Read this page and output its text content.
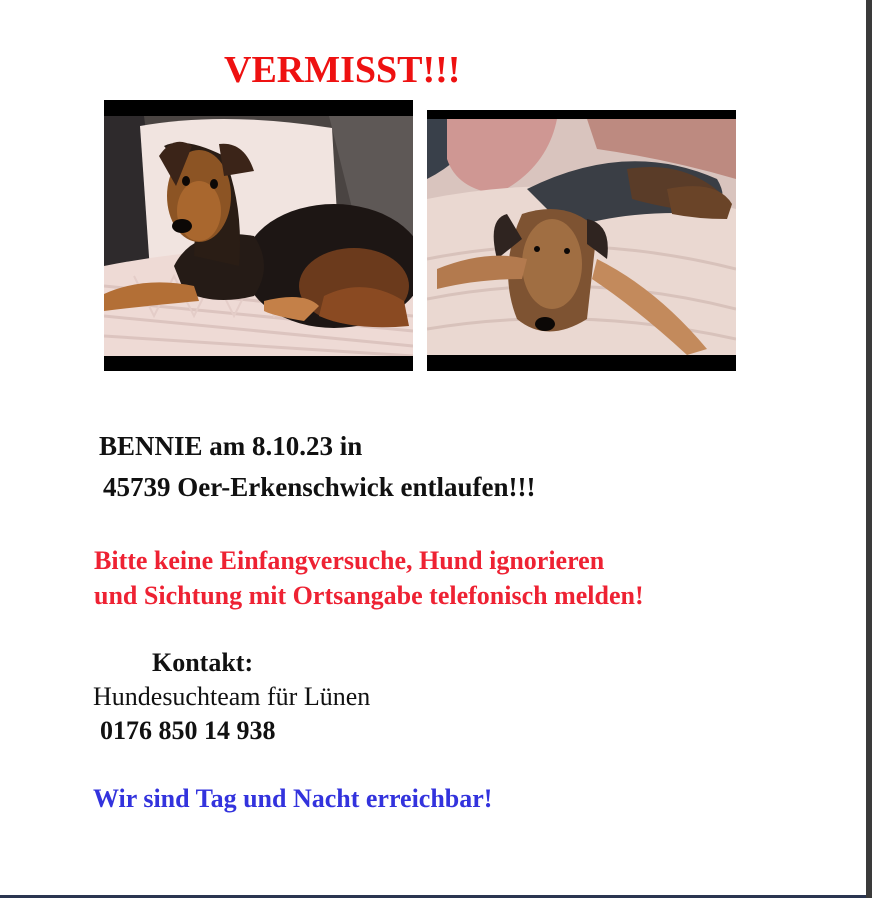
VERMISST!!!
BENNIE am 8.10.23 in
45739 Oer-Erkenschwick entlaufen!!!
Bitte keine Einfangversuche, Hund ignorieren
und Sichtung mit Ortsangabe telefonisch melden!
Kontakt:
Hundesuchteam für Lünen
0176 850 14 938
Wir sind Tag und Nacht erreichbar!
